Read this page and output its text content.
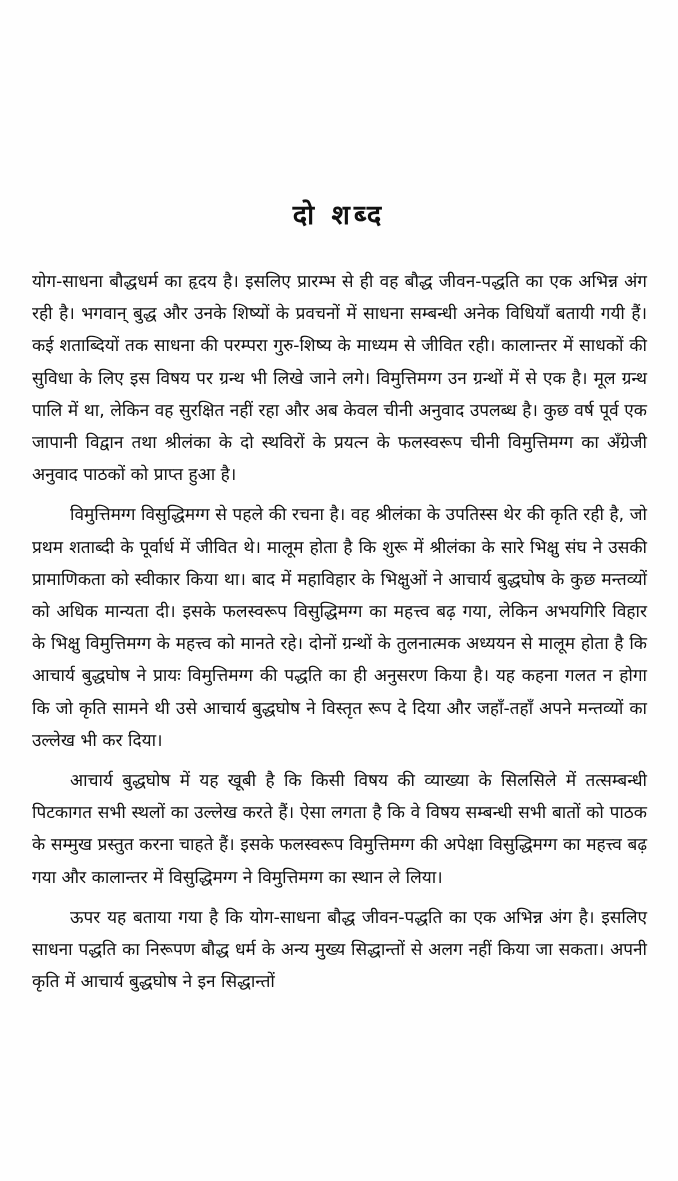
दो शब्द

योग-साधना बौद्धधर्म का हृदय है। इसलिए प्रारम्भ से ही वह बौद्ध जीवन-पद्धति का एक अभिन्न अंग रही है। भगवान् बुद्ध और उनके शिष्यों के प्रवचनों में साधना सम्बन्धी अनेक विधियाँ बतायी गयी हैं। कई शताब्दियों तक साधना की परम्परा गुरु-शिष्य के माध्यम से जीवित रही। कालान्तर में साधकों की सुविधा के लिए इस विषय पर ग्रन्थ भी लिखे जाने लगे। विमुत्तिमग्ग उन ग्रन्थों में से एक है। मूल ग्रन्थ पालि में था, लेकिन वह सुरक्षित नहीं रहा और अब केवल चीनी अनुवाद उपलब्ध है। कुछ वर्ष पूर्व एक जापानी विद्वान तथा श्रीलंका के दो स्थविरों के प्रयत्न के फलस्वरूप चीनी विमुत्तिमग्ग का अँग्रेजी अनुवाद पाठकों को प्राप्त हुआ है।

विमुत्तिमग्ग विसुद्धिमग्ग से पहले की रचना है। वह श्रीलंका के उपतिस्स थेर की कृति रही है, जो प्रथम शताब्दी के पूर्वार्ध में जीवित थे। मालूम होता है कि शुरू में श्रीलंका के सारे भिक्षु संघ ने उसकी प्रामाणिकता को स्वीकार किया था। बाद में महाविहार के भिक्षुओं ने आचार्य बुद्धघोष के कुछ मन्तव्यों को अधिक मान्यता दी। इसके फलस्वरूप विसुद्धिमग्ग का महत्त्व बढ़ गया, लेकिन अभयगिरि विहार के भिक्षु विमुत्तिमग्ग के महत्त्व को मानते रहे। दोनों ग्रन्थों के तुलनात्मक अध्ययन से मालूम होता है कि आचार्य बुद्धघोष ने प्रायः विमुत्तिमग्ग की पद्धति का ही अनुसरण किया है। यह कहना गलत न होगा कि जो कृति सामने थी उसे आचार्य बुद्धघोष ने विस्तृत रूप दे दिया और जहाँ-तहाँ अपने मन्तव्यों का उल्लेख भी कर दिया।

आचार्य बुद्धघोष में यह खूबी है कि किसी विषय की व्याख्या के सिलसिले में तत्सम्बन्धी पिटकागत सभी स्थलों का उल्लेख करते हैं। ऐसा लगता है कि वे विषय सम्बन्धी सभी बातों को पाठक के सम्मुख प्रस्तुत करना चाहते हैं। इसके फलस्वरूप विमुत्तिमग्ग की अपेक्षा विसुद्धिमग्ग का महत्त्व बढ़ गया और कालान्तर में विसुद्धिमग्ग ने विमुत्तिमग्ग का स्थान ले लिया।

ऊपर यह बताया गया है कि योग-साधना बौद्ध जीवन-पद्धति का एक अभिन्न अंग है। इसलिए साधना पद्धति का निरूपण बौद्ध धर्म के अन्य मुख्य सिद्धान्तों से अलग नहीं किया जा सकता। अपनी कृति में आचार्य बुद्धघोष ने इन सिद्धान्तों
